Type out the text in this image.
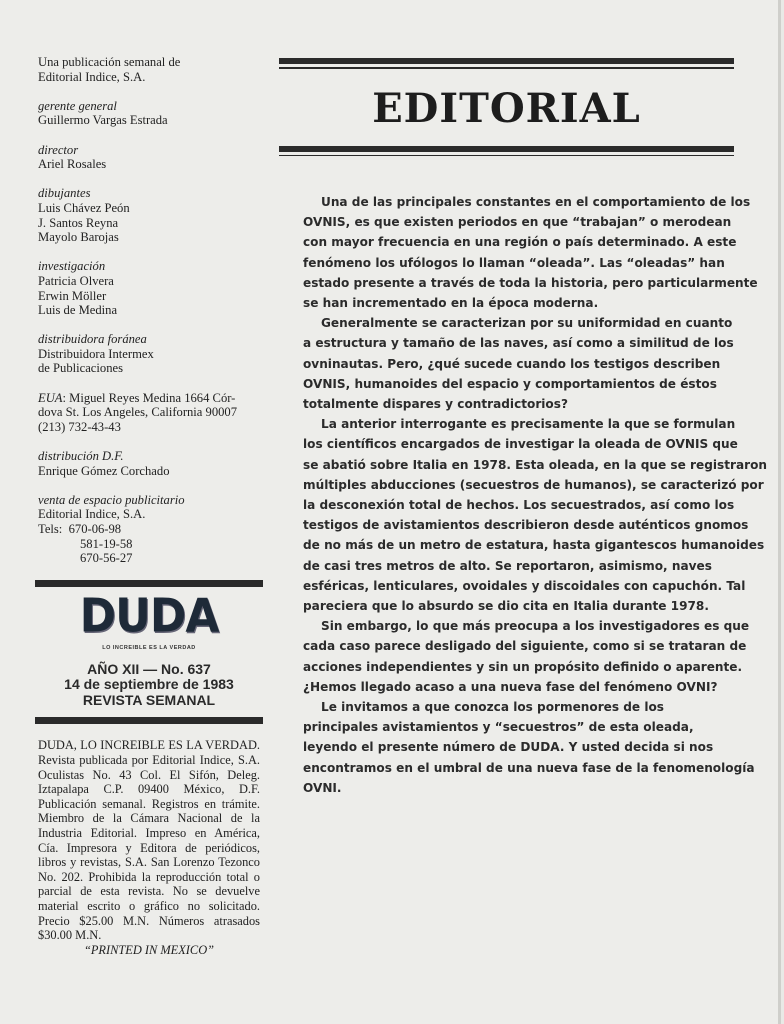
Una publicación semanal de
Editorial Indice, S.A.
gerente general
Guillermo Vargas Estrada
director
Ariel Rosales
dibujantes
Luis Chávez Peón
J. Santos Reyna
Mayolo Barojas
investigación
Patricia Olvera
Erwin Möller
Luis de Medina
distribuidora foránea
Distribuidora Intermex
de Publicaciones
EUA: Miguel Reyes Medina 1664 Cór-
dova St. Los Angeles, California 90007
(213) 732-43-43
distribución D.F.
Enrique Gómez Corchado
venta de espacio publicitario
Editorial Indice, S.A.
Tels: 670-06-98
581-19-58
670-56-27
DUDA
LO INCREIBLE ES LA VERDAD
AÑO XII — No. 637
14 de septiembre de 1983
REVISTA SEMANAL
DUDA, LO INCREIBLE ES LA VERDAD. Revista publicada por Editorial Indice, S.A. Oculistas No. 43 Col. El Sifón, Deleg. Iztapalapa C.P. 09400 México, D.F. Publicación semanal. Registros en trámite. Miembro de la Cámara Nacional de la Industria Editorial. Impreso en América, Cía. Impresora y Editora de periódicos, libros y revistas, S.A. San Lorenzo Tezonco No. 202. Prohibida la reproducción total o parcial de esta revista. No se devuelve material escrito o gráfico no solicitado. Precio $25.00 M.N. Números atrasados $30.00 M.N.
“PRINTED IN MEXICO”
EDITORIAL
Una de las principales constantes en el comportamiento de los
OVNIS, es que existen periodos en que “trabajan” o merodean
con mayor frecuencia en una región o país determinado. A este
fenómeno los ufólogos lo llaman “oleada”. Las “oleadas” han
estado presente a través de toda la historia, pero particularmente
se han incrementado en la época moderna.
Generalmente se caracterizan por su uniformidad en cuanto
a estructura y tamaño de las naves, así como a similitud de los
ovninautas. Pero, ¿qué sucede cuando los testigos describen
OVNIS, humanoides del espacio y comportamientos de éstos
totalmente dispares y contradictorios?
La anterior interrogante es precisamente la que se formulan
los científicos encargados de investigar la oleada de OVNIS que
se abatió sobre Italia en 1978. Esta oleada, en la que se registraron
múltiples abducciones (secuestros de humanos), se caracterizó por
la desconexión total de hechos. Los secuestrados, así como los
testigos de avistamientos describieron desde auténticos gnomos
de no más de un metro de estatura, hasta gigantescos humanoides
de casi tres metros de alto. Se reportaron, asimismo, naves
esféricas, lenticulares, ovoidales y discoidales con capuchón. Tal
pareciera que lo absurdo se dio cita en Italia durante 1978.
Sin embargo, lo que más preocupa a los investigadores es que
cada caso parece desligado del siguiente, como si se trataran de
acciones independientes y sin un propósito definido o aparente.
¿Hemos llegado acaso a una nueva fase del fenómeno OVNI?
Le invitamos a que conozca los pormenores de los
principales avistamientos y “secuestros” de esta oleada,
leyendo el presente número de DUDA. Y usted decida si nos
encontramos en el umbral de una nueva fase de la fenomenología
OVNI.
